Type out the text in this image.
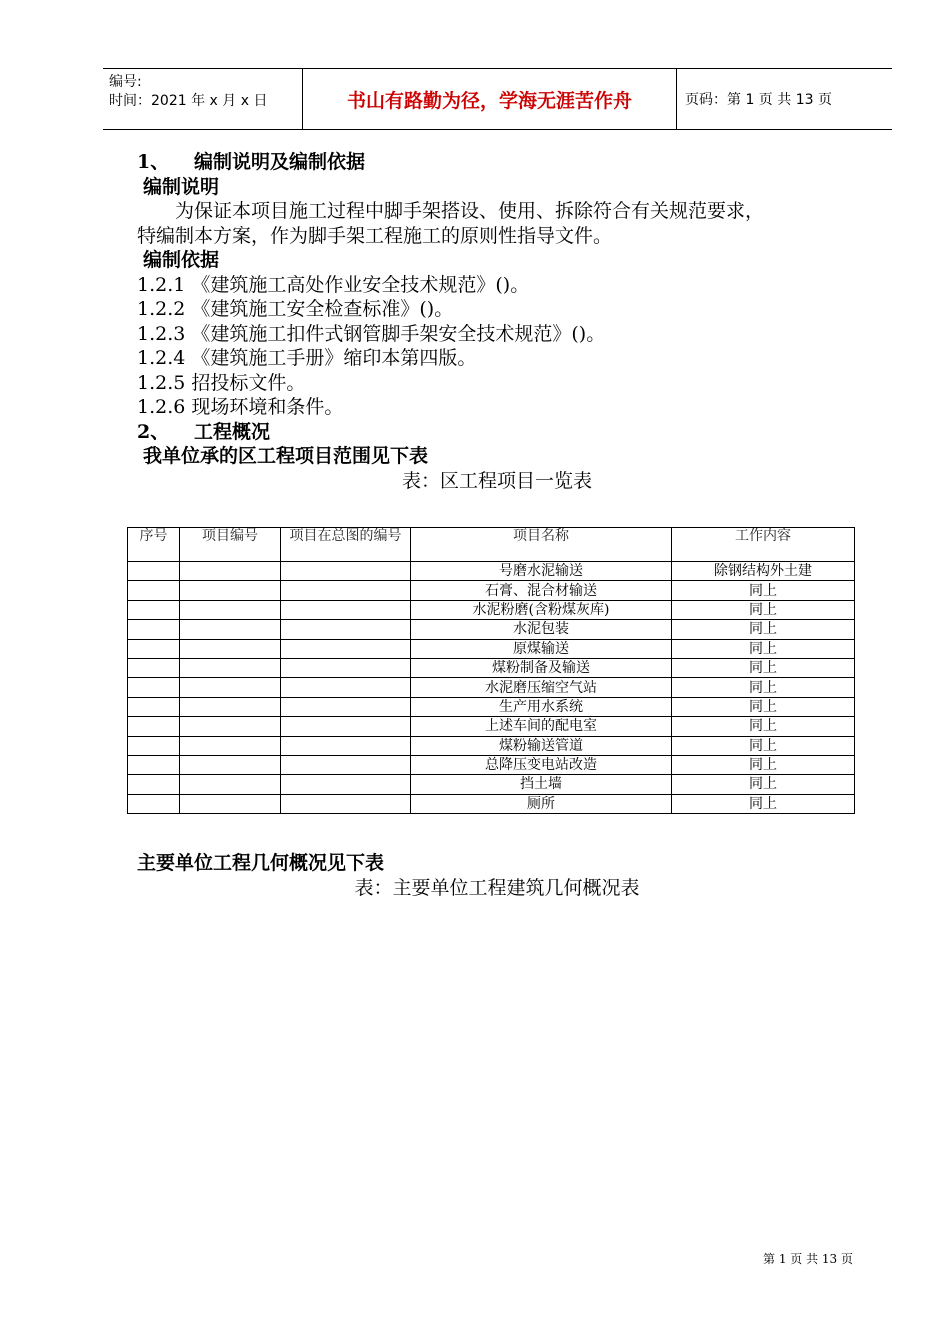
编号:
时间：2021 年 x 月 x 日	书山有路勤为径，学海无涯苦作舟	页码：第 1 页 共 13 页
1、 编制说明及编制依据
编制说明
为保证本项目施工过程中脚手架搭设、使用、拆除符合有关规范要求，
特编制本方案，作为脚手架工程施工的原则性指导文件。
编制依据
1.2.1 《建筑施工高处作业安全技术规范》()。
1.2.2 《建筑施工安全检查标准》()。
1.2.3 《建筑施工扣件式钢管脚手架安全技术规范》()。
1.2.4 《建筑施工手册》缩印本第四版。
1.2.5 招投标文件。
1.2.6 现场环境和条件。
2、 工程概况
我单位承的区工程项目范围见下表
表：区工程项目一览表
序号	项目编号	项目在总图的编号	项目名称	工作内容
			号磨水泥输送	除钢结构外土建
			石膏、混合材输送	同上
			水泥粉磨(含粉煤灰库)	同上
			水泥包装	同上
			原煤输送	同上
			煤粉制备及输送	同上
			水泥磨压缩空气站	同上
			生产用水系统	同上
			上述车间的配电室	同上
			煤粉输送管道	同上
			总降压变电站改造	同上
			挡土墙	同上
			厕所	同上
主要单位工程几何概况见下表
表：主要单位工程建筑几何概况表
第 1 页 共 13 页
